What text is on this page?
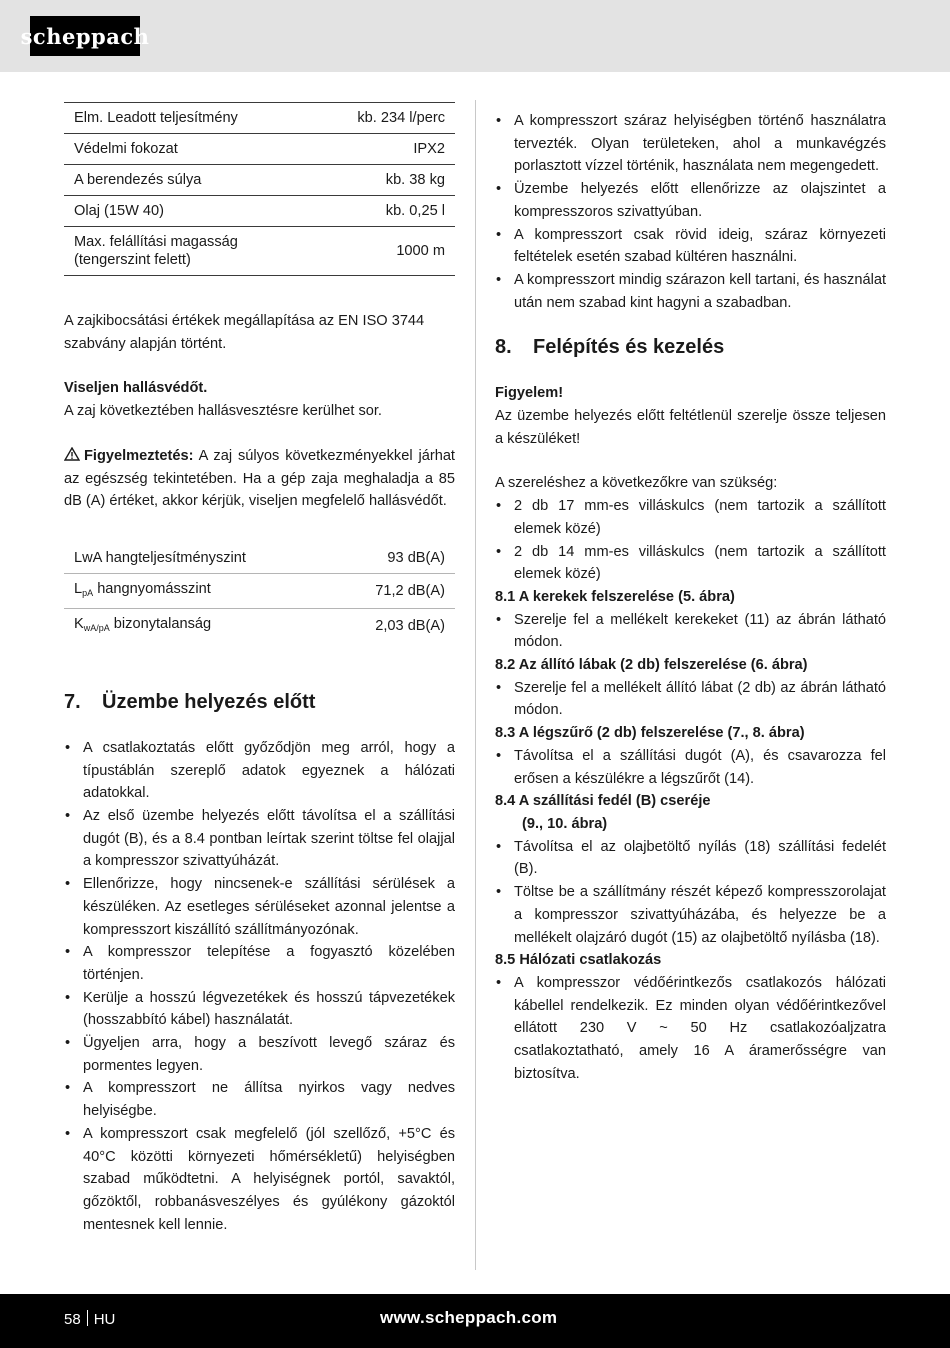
scheppach
Elm. Leadott teljesítmény	kb. 234 l/perc
Védelmi fokozat	IPX2
A berendezés súlya	kb. 38 kg
Olaj (15W 40)	kb. 0,25 l
Max. felállítási magasság (tengerszint felett)	1000 m

A zajkibocsátási értékek megállapítása az EN ISO 3744 szabvány alapján történt.

Viseljen hallásvédőt.

A zaj következtében hallásvesztésre kerülhet sor.

Figyelmeztetés: A zaj súlyos következményekkel járhat az egészség tekintetében. Ha a gép zaja meghaladja a 85 dB (A) értéket, akkor kérjük, viseljen megfelelő hallásvédőt.

LwA hangteljesítményszint	93 dB(A)
$L_{pA}$ hangnyomásszint	71,2 dB(A)
$K_{wA/pA}$ bizonytalanság	2,03 dB(A)
7. Üzembe helyezés előtt
• A csatlakoztatás előtt győződjön meg arról, hogy a típustáblán szereplő adatok egyeznek a hálózati adatokkal.
• Az első üzembe helyezés előtt távolítsa el a szállítási dugót (B), és a 8.4 pontban leírtak szerint töltse fel olajjal a kompresszor szivattyúházát.
• Ellenőrizze, hogy nincsenek-e szállítási sérülések a készüléken. Az esetleges sérüléseket azonnal jelentse a kompresszort kiszállító szállítmányozónak.
• A kompresszor telepítése a fogyasztó közelében történjen.
• Kerülje a hosszú légvezetékek és hosszú tápvezetékek (hosszabbító kábel) használatát.
• Ügyeljen arra, hogy a beszívott levegő száraz és pormentes legyen.
• A kompresszort ne állítsa nyirkos vagy nedves helyiségbe.
• A kompresszort csak megfelelő (jól szellőző, +5°C és 40°C közötti környezeti hőmérsékletű) helyiségben szabad működtetni. A helyiségnek portól, savaktól, gőzöktől, robbanásveszélyes és gyúlékony gázoktól mentesnek kell lennie.
• A kompresszort száraz helyiségben történő használatra tervezték. Olyan területeken, ahol a munkavégzés porlasztott vízzel történik, használata nem megengedett.
• Üzembe helyezés előtt ellenőrizze az olajszintet a kompresszoros szivattyúban.
• A kompresszort csak rövid ideig, száraz környezeti feltételek esetén szabad kültéren használni.
• A kompresszort mindig szárazon kell tartani, és használat után nem szabad kint hagyni a szabadban.
8. Felépítés és kezelés

Figyelem!

Az üzembe helyezés előtt feltétlenül szerelje össze teljesen a készüléket!

A szereléshez a következőkre van szükség:

• 2 db 17 mm-es villáskulcs (nem tartozik a szállított elemek közé)
• 2 db 14 mm-es villáskulcs (nem tartozik a szállított elemek közé)
8.1 A kerekek felszerelése (5. ábra)
• Szerelje fel a mellékelt kerekeket (11) az ábrán látható módon.
8.2 Az állító lábak (2 db) felszerelése (6. ábra)
• Szerelje fel a mellékelt állító lábat (2 db) az ábrán látható módon.
8.3 A légszűrő (2 db) felszerelése (7., 8. ábra)
• Távolítsa el a szállítási dugót (A), és csavarozza fel erősen a készülékre a légszűrőt (14).
8.4 A szállítási fedél (B) cseréje
(9., 10. ábra)
• Távolítsa el az olajbetöltő nyílás (18) szállítási fedelét (B).
• Töltse be a szállítmány részét képező kompresszorolajat a kompresszor szivattyúházába, és helyezze be a mellékelt olajzáró dugót (15) az olajbetöltő nyílásba (18).
8.5 Hálózati csatlakozás
• A kompresszor védőérintkezős csatlakozós hálózati kábellel rendelkezik. Ez minden olyan védőérintkezővel ellátott 230 V ~ 50 Hz csatlakozóaljzatra csatlakoztatható, amely 16 A áramerősségre van biztosítva.
58 HU	www.scheppach.com
